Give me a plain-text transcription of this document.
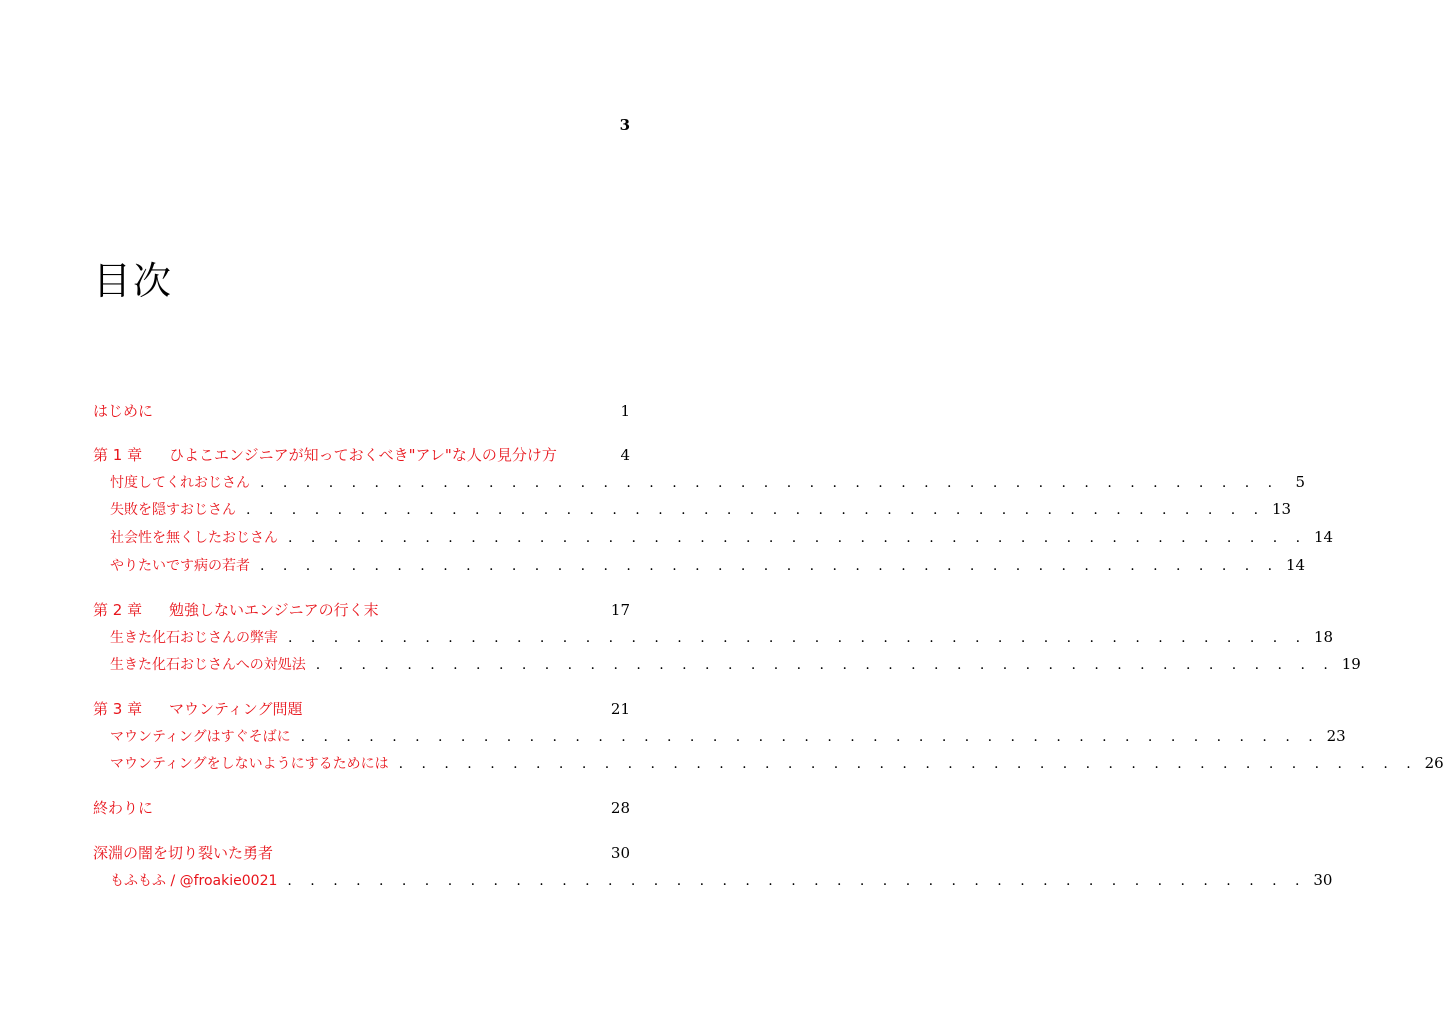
3
目次
はじめに	1
第 1 章 ひよこエンジニアが知っておくべき"アレ"な人の見分け方	4
忖度してくれおじさん . . . . . . . . . . . . . . . . . . . . . . . . . . . . . . . . . . . . . . . . . . . . .	5
失敗を隠すおじさん . . . . . . . . . . . . . . . . . . . . . . . . . . . . . . . . . . . . . . . . . . . . . 13
社会性を無くしたおじさん . . . . . . . . . . . . . . . . . . . . . . . . . . . . . . . . . . . . . . . . . . . . . 14
やりたいです病の若者 . . . . . . . . . . . . . . . . . . . . . . . . . . . . . . . . . . . . . . . . . . . . . 14
第 2 章 勉強しないエンジニアの行く末	17
生きた化石おじさんの弊害 . . . . . . . . . . . . . . . . . . . . . . . . . . . . . . . . . . . . . . . . . . . . . 18
生きた化石おじさんへの対処法 . . . . . . . . . . . . . . . . . . . . . . . . . . . . . . . . . . . . . . . . . . . . . 19
第 3 章 マウンティング問題	21
マウンティングはすぐそばに . . . . . . . . . . . . . . . . . . . . . . . . . . . . . . . . . . . . . . . . . . . . . 23
マウンティングをしないようにするためには . . . . . . . . . . . . . . . . . . . . . . . . . . . . . . . . . . . . . . . . . . . . . 26
終わりに	28
深淵の闇を切り裂いた勇者	30
もふもふ / @froakie0021 . . . . . . . . . . . . . . . . . . . . . . . . . . . . . . . . . . . . . . . . . . . . . 30
